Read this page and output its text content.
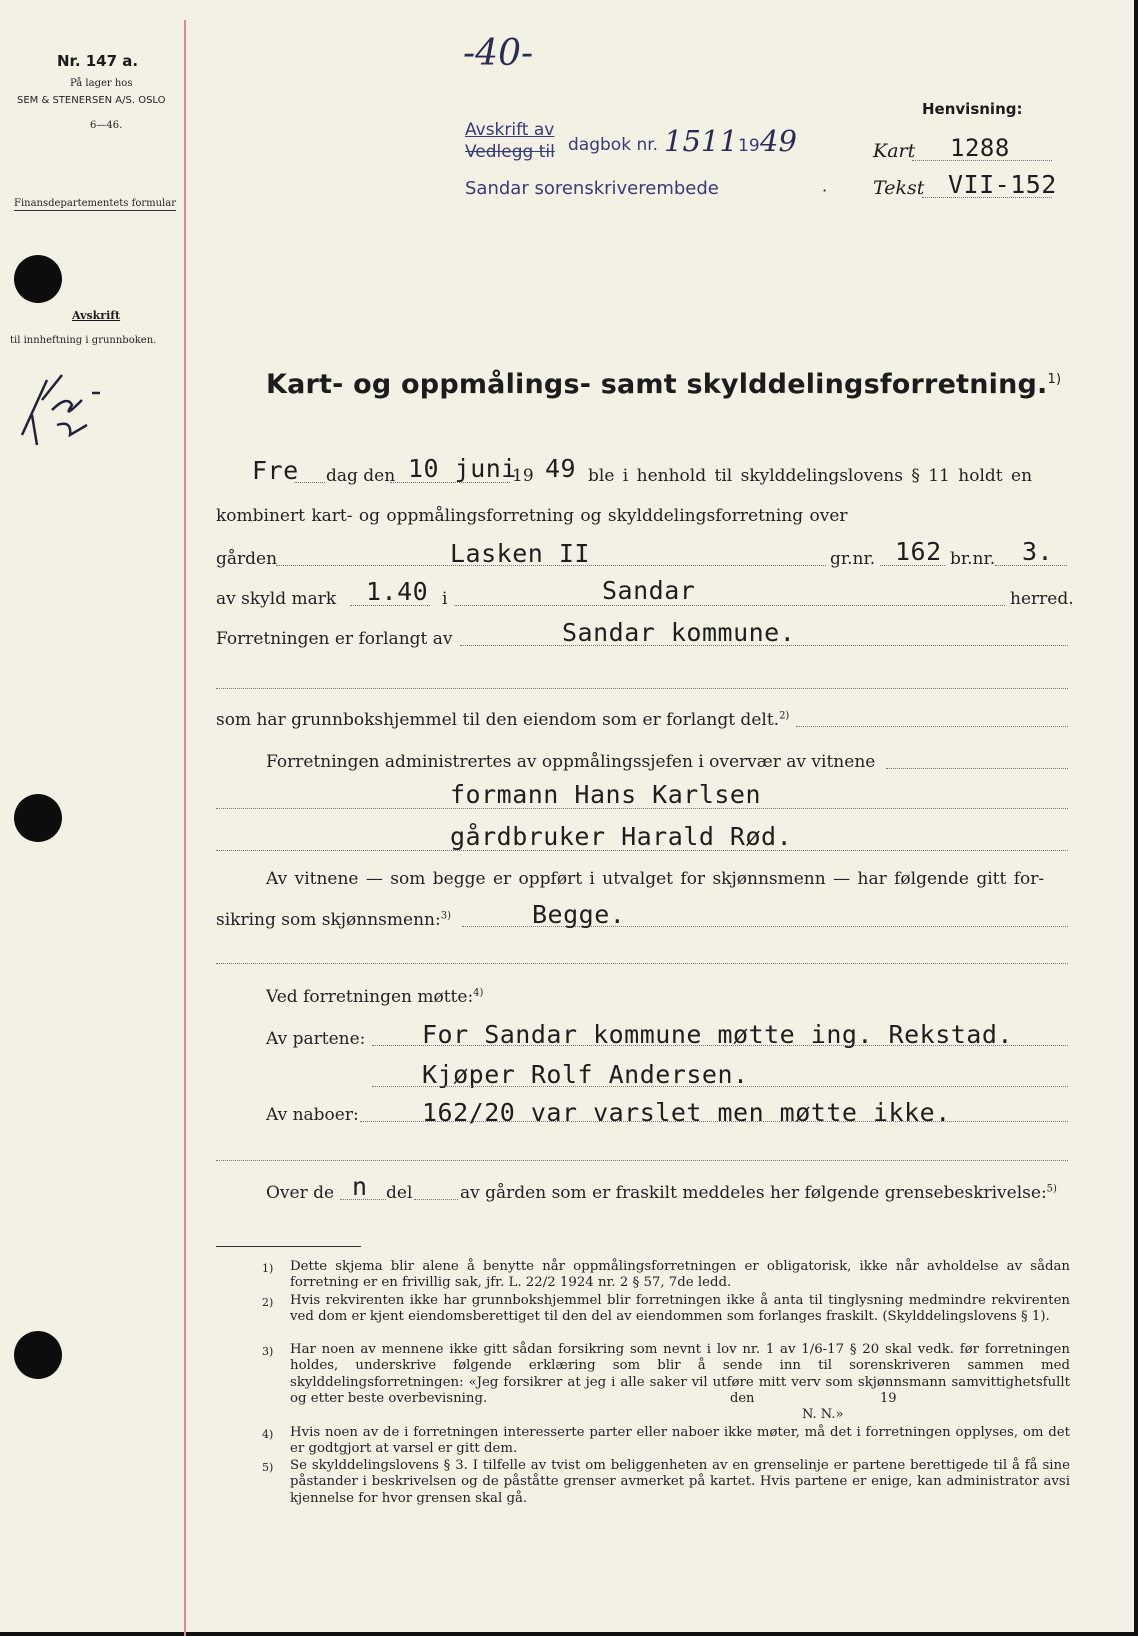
Nr. 147 a.
På lager hos
SEM & STENERSEN A/S. OSLO
6—46.
Finansdepartementets formular
Avskrift
til innheftning i grunnboken.
-40-
Avskrift av
Vedlegg til dagbok nr. 1511 19 49
Sandar sorenskriverembede	·
Henvisning:
Kart 1288
Tekst VII-152
Kart- og oppmålings- samt skylddelingsforretning.$^{1)}$
Fre dag den 10 juni
19 49 ble i henhold til skylddelingslovens § 11 holdt en
kombinert kart- og oppmålingsforretning og skylddelingsforretning over
gården	Lasken II	gr.nr. 162 br.nr. 3.
av skyld mark 1.40 i	Sandar	herred.
Forretningen er forlangt av	Sandar kommune.
som har grunnbokshjemmel til den eiendom som er forlangt delt.$^{2)}$
Forretningen administrertes av oppmålingssjefen i overvær av vitnene
formann Hans Karlsen
gårdbruker Harald Rød.
Av vitnene — som begge er oppført i utvalget for skjønnsmenn — har følgende gitt for-
sikring som skjønnsmenn:$^{3)}$	Begge.
Ved forretningen møtte:$^{4)}$
Av partene: For Sandar kommune møtte ing. Rekstad.
Kjøper Rolf Andersen.
Av naboer:	162/20 var varslet men møtte ikke.
Over de n del	av gården som er fraskilt meddeles her følgende grensebeskrivelse:$^{5)}$
1) Dette skjema blir alene å benytte når oppmålingsforretningen er obligatorisk, ikke når avholdelse av sådan forretning er en frivillig sak, jfr. L. 22/2 1924 nr. 2 § 57, 7de ledd.
2) Hvis rekvirenten ikke har grunnbokshjemmel blir forretningen ikke å anta til tinglysning medmindre rekvirenten ved dom er kjent eiendomsberettiget til den del av eiendommen som forlanges fraskilt. (Skylddelingslovens § 1).
3) Har noen av mennene ikke gitt sådan forsikring som nevnt i lov nr. 1 av 1/6-17 § 20 skal vedk. før forretningen holdes, underskrive følgende erklæring som blir å sende inn til sorenskriveren sammen med skylddelingsforretningen: «Jeg forsikrer at jeg i alle saker vil utføre mitt verv som skjønnsmann samvittighetsfullt og etter beste overbevisning.	den	19
N. N.»
4) Hvis noen av de i forretningen interesserte parter eller naboer ikke møter, må det i forretningen opplyses, om det er godtgjort at varsel er gitt dem.
5) Se skylddelingslovens § 3. I tilfelle av tvist om beliggenheten av en grenselinje er partene berettigede til å få sine påstander i beskrivelsen og de påståtte grenser avmerket på kartet. Hvis partene er enige, kan administrator avsi kjennelse for hvor grensen skal gå.
